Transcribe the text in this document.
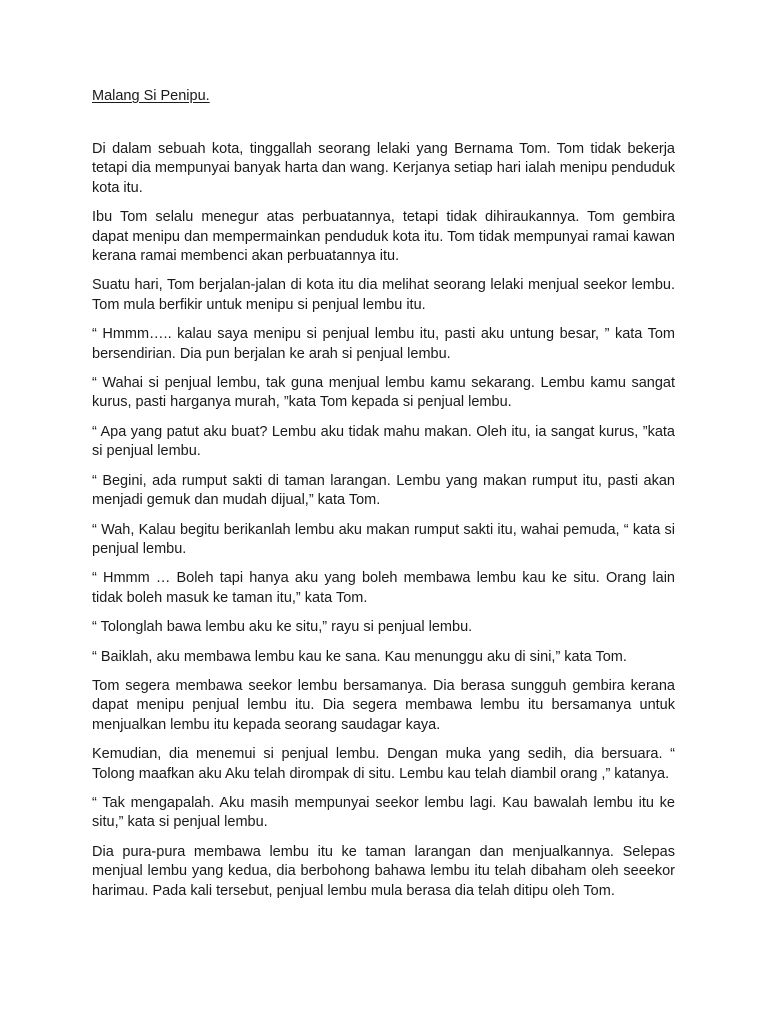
Malang Si Penipu.

Di dalam sebuah kota, tinggallah seorang lelaki yang Bernama Tom. Tom tidak bekerja tetapi dia mempunyai banyak harta dan wang. Kerjanya setiap hari ialah menipu penduduk kota itu.

Ibu Tom selalu menegur atas perbuatannya, tetapi tidak dihiraukannya. Tom gembira dapat menipu dan mempermainkan penduduk kota itu. Tom tidak mempunyai ramai kawan kerana ramai membenci akan perbuatannya itu.

Suatu hari, Tom berjalan-jalan di kota itu dia melihat seorang lelaki menjual seekor lembu. Tom mula berfikir untuk menipu si penjual lembu itu.

“ Hmmm….. kalau saya menipu si penjual lembu itu, pasti aku untung besar, ” kata Tom bersendirian. Dia pun berjalan ke arah si penjual lembu.

“ Wahai si penjual lembu, tak guna menjual lembu kamu sekarang. Lembu kamu sangat kurus, pasti harganya murah, ”kata Tom kepada si penjual lembu.

“ Apa yang patut aku buat? Lembu aku tidak mahu makan. Oleh itu, ia sangat kurus, ”kata si penjual lembu.

“ Begini, ada rumput sakti di taman larangan. Lembu yang makan rumput itu, pasti akan menjadi gemuk dan mudah dijual,” kata Tom.

“ Wah, Kalau begitu berikanlah lembu aku makan rumput sakti itu, wahai pemuda, “ kata si penjual lembu.

“ Hmmm … Boleh tapi hanya aku yang boleh membawa lembu kau ke situ. Orang lain tidak boleh masuk ke taman itu,” kata Tom.

“ Tolonglah bawa lembu aku ke situ,” rayu si penjual lembu.

“ Baiklah, aku membawa lembu kau ke sana. Kau menunggu aku di sini,” kata Tom.

Tom segera membawa seekor lembu bersamanya. Dia berasa sungguh gembira kerana dapat menipu penjual lembu itu. Dia segera membawa lembu itu bersamanya untuk menjualkan lembu itu kepada seorang saudagar kaya.

Kemudian, dia menemui si penjual lembu. Dengan muka yang sedih, dia bersuara. “ Tolong maafkan aku Aku telah dirompak di situ. Lembu kau telah diambil orang ,” katanya.

“ Tak mengapalah. Aku masih mempunyai seekor lembu lagi. Kau bawalah lembu itu ke situ,” kata si penjual lembu.

Dia pura-pura membawa lembu itu ke taman larangan dan menjualkannya. Selepas menjual lembu yang kedua, dia berbohong bahawa lembu itu telah dibaham oleh seeekor harimau. Pada kali tersebut, penjual lembu mula berasa dia telah ditipu oleh Tom.
